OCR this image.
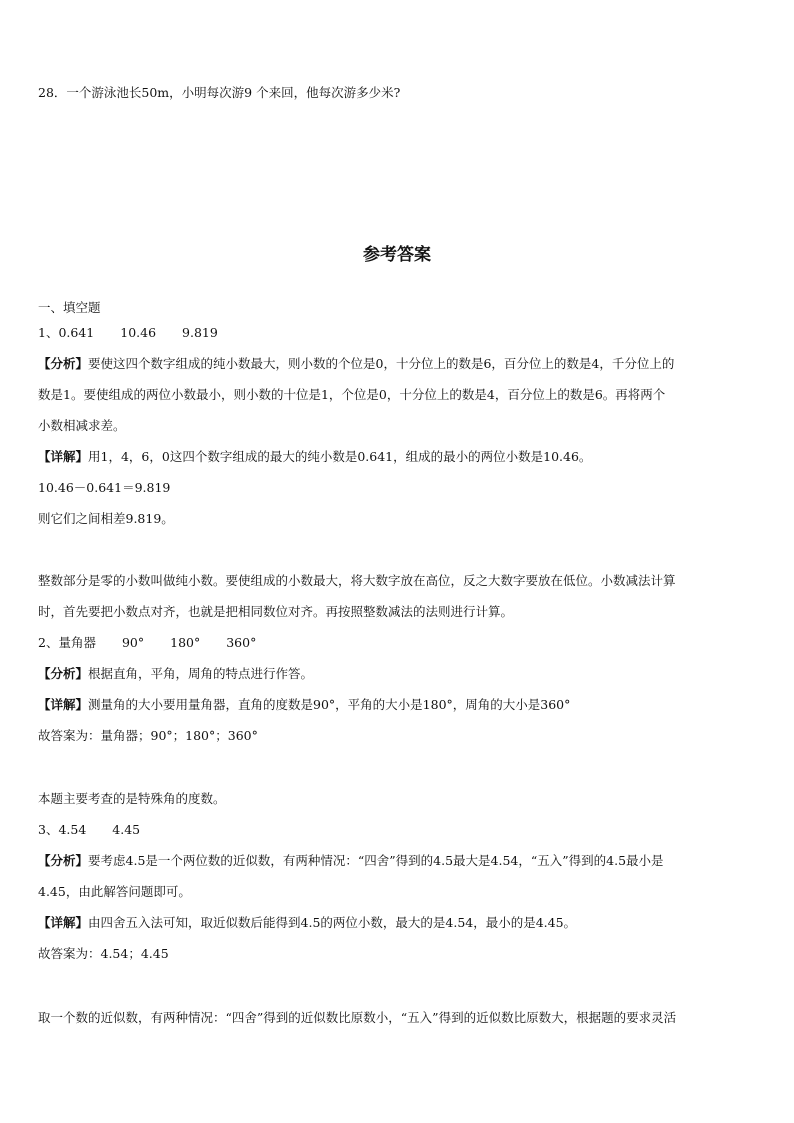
28．一个游泳池长50m，小明每次游9 个来回，他每次游多少米?
参考答案
一、填空题
1、0.641 10.46 9.819
【分析】要使这四个数字组成的纯小数最大，则小数的个位是0，十分位上的数是6，百分位上的数是4，千分位上的
数是1。要使组成的两位小数最小，则小数的十位是1，个位是0，十分位上的数是4，百分位上的数是6。再将两个
小数相减求差。
【详解】用1，4，6，0这四个数字组成的最大的纯小数是0.641，组成的最小的两位小数是10.46。
10.46－0.641＝9.819
则它们之间相差9.819。
整数部分是零的小数叫做纯小数。要使组成的小数最大，将大数字放在高位，反之大数字要放在低位。小数减法计算
时，首先要把小数点对齐，也就是把相同数位对齐。再按照整数减法的法则进行计算。
2、量角器 90° 180° 360°
【分析】根据直角，平角，周角的特点进行作答。
【详解】测量角的大小要用量角器，直角的度数是90°，平角的大小是180°，周角的大小是360°
故答案为：量角器；90°；180°；360°
本题主要考查的是特殊角的度数。
3、4.54 4.45
【分析】要考虑4.5是一个两位数的近似数，有两种情况：“四舍”得到的4.5最大是4.54，“五入”得到的4.5最小是
4.45，由此解答问题即可。
【详解】由四舍五入法可知，取近似数后能得到4.5的两位小数，最大的是4.54，最小的是4.45。
故答案为：4.54；4.45
取一个数的近似数，有两种情况：“四舍”得到的近似数比原数小，“五入”得到的近似数比原数大，根据题的要求灵活
